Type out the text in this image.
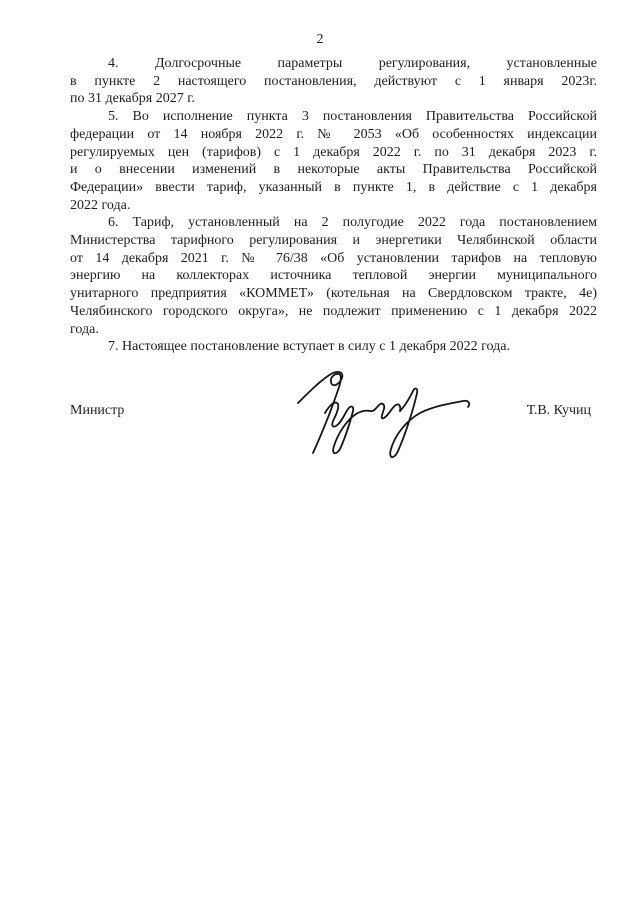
2

4. Долгосрочные параметры регулирования, установленные
в пункте 2 настоящего постановления, действуют с 1 января 2023г.
по 31 декабря 2027 г.

5. Во исполнение пункта 3 постановления Правительства Российской
федерации от 14 ноября 2022 г. № 2053 «Об особенностях индексации
регулируемых цен (тарифов) с 1 декабря 2022 г. по 31 декабря 2023 г.
и о внесении изменений в некоторые акты Правительства Российской
Федерации» ввести тариф, указанный в пункте 1, в действие с 1 декабря
2022 года.

6. Тариф, установленный на 2 полугодие 2022 года постановлением
Министерства тарифного регулирования и энергетики Челябинской области
от 14 декабря 2021 г. № 76/38 «Об установлении тарифов на тепловую
энергию на коллекторах источника тепловой энергии муниципального
унитарного предприятия «КОММЕТ» (котельная на Свердловском тракте, 4е)
Челябинского городского округа», не подлежит применению с 1 декабря 2022
года.

7. Настоящее постановление вступает в силу с 1 декабря 2022 года.

Министр	Т.В. Кучиц
